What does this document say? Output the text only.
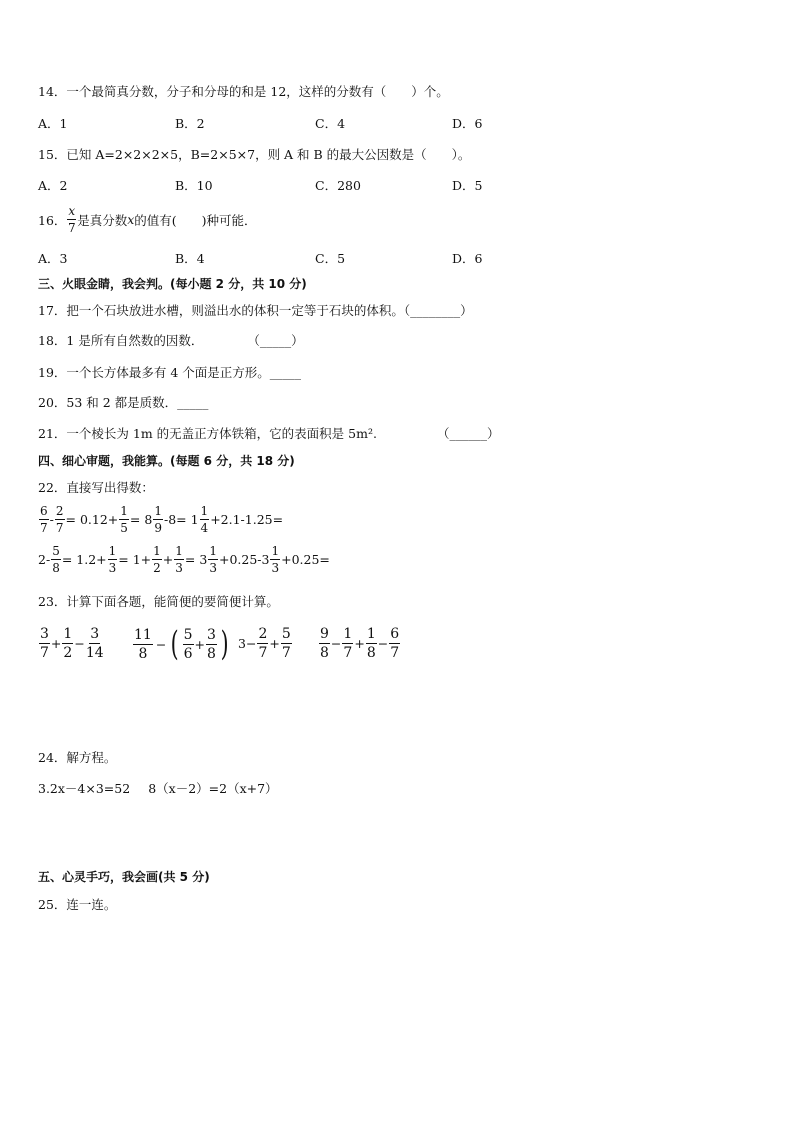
14．一个最简真分数，分子和分母的和是 12，这样的分数有（　　）个。
A．1	B．2	C．4	D．6
15．已知 A=2×2×2×5，B=2×5×7，则 A 和 B 的最大公因数是（　　）。
A．2	B．10	C．280	D．5
16． $\frac{x}{7}$ 是真分数 x 的值有(　　)种可能．
A．3	B．4	C．5	D．6
三、火眼金睛，我会判。(每小题 2 分，共 10 分)
17．把一个石块放进水槽，则溢出水的体积一定等于石块的体积。（________）
18．1 是所有自然数的因数．	（_____）
19．一个长方体最多有 4 个面是正方形。_____
20．53 和 2 都是质数．_____
21．一个棱长为 1m 的无盖正方体铁箱，它的表面积是 5m².	（______）
四、细心审题，我能算。(每题 6 分，共 18 分)
22．直接写出得数：
$\frac{6}{7} - \frac{2}{7} = 0.12+ \frac{1}{5} = 8 \frac{1}{9} -8= 1 \frac{1}{4} +2.1-1.25=$
$2- \frac{5}{8} = 1.2+ \frac{1}{3} = 1+ \frac{1}{2} + \frac{1}{3} = 3 \frac{1}{3} +0.25-3 \frac{1}{3} +0.25=$
23．计算下面各题，能简便的要简便计算。
$\frac{3}{7} + \frac{1}{2} - \frac{3}{14} \frac{11}{8}$ − ( $\frac{5}{6} + \frac{3}{8}$ ) $3- \frac{2}{7} + \frac{5}{7} \frac{9}{8} - \frac{1}{7} + \frac{1}{8} - \frac{6}{7}$
24．解方程。
3.2x－4×3=52 8（x－2）=2（x+7）
五、心灵手巧，我会画(共 5 分)
25．连一连。
